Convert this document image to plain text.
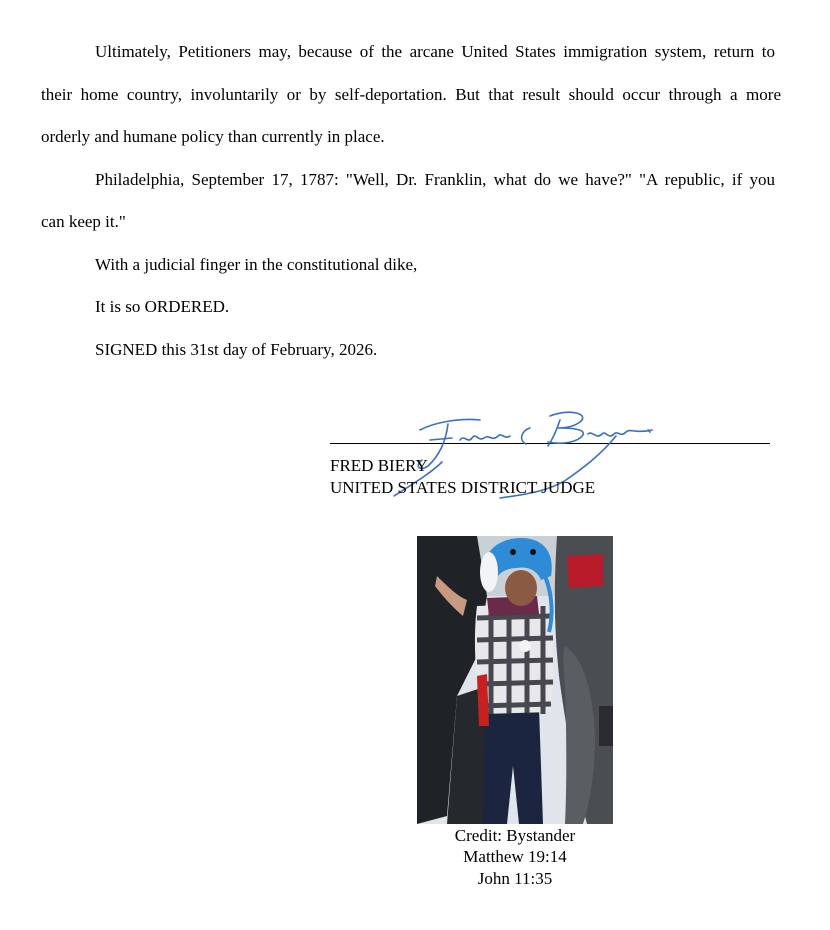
Ultimately, Petitioners may, because of the arcane United States immigration system, return to
their home country, involuntarily or by self-deportation. But that result should occur through a more
orderly and humane policy than currently in place.
Philadelphia, September 17, 1787: "Well, Dr. Franklin, what do we have?" "A republic, if you
can keep it."
With a judicial finger in the constitutional dike,
It is so ORDERED.
SIGNED this 31st day of February, 2026.
FRED BIERY
UNITED STATES DISTRICT JUDGE
Credit: Bystander
Matthew 19:14
John 11:35
